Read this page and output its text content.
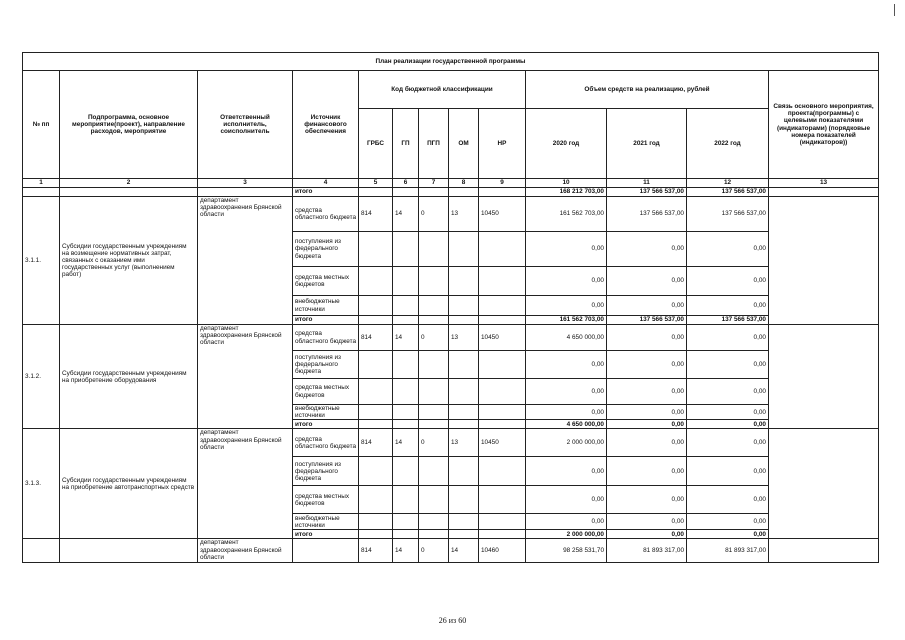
План реализации государственной программы												
№ пп	Подпрограмма, основное мероприятие(проект), направление расходов, мероприятие	Ответственный исполнитель, соисполнитель	Источник финансового обеспечения	Код бюджетной классификации					Объем средств на реализацию, рублей			Связь основного мероприятия, проекта(программы) с целевыми показателями (индикаторами) (порядковые номера показателей (индикаторов))
				ГРБС	ГП	ПГП	ОМ	НР	2020 год	2021 год	2022 год	
1	2	3	4	5	6	7	8	9	10	11	12	13
			итого						168 212 703,00	137 566 537,00	137 566 537,00	
3.1.1.	Субсидии государственным учреждениям на возмещение нормативных затрат, связанных с оказанием ими государственных услуг (выполнением работ)	департамент здравоохранения Брянской области	средства областного бюджета	814	14	0	13	10450	161 562 703,00	137 566 537,00	137 566 537,00	
			поступления из федерального бюджета						0,00	0,00	0,00	
			средства местных бюджетов						0,00	0,00	0,00	
			внебюджетные источники						0,00	0,00	0,00	
			итого						161 562 703,00	137 566 537,00	137 566 537,00	
3.1.2.	Субсидии государственным учреждениям на приобретение оборудования	департамент здравоохранения Брянской области	средства областного бюджета	814	14	0	13	10450	4 650 000,00	0,00	0,00	
			поступления из федерального бюджета						0,00	0,00	0,00	
			средства местных бюджетов						0,00	0,00	0,00	
			внебюджетные источники						0,00	0,00	0,00	
			итого						4 650 000,00	0,00	0,00	
3.1.3.	Субсидии государственным учреждениям на приобретение автотранспортных средств	департамент здравоохранения Брянской области	средства областного бюджета	814	14	0	13	10450	2 000 000,00	0,00	0,00	
			поступления из федерального бюджета						0,00	0,00	0,00	
			средства местных бюджетов						0,00	0,00	0,00	
			внебюджетные источники						0,00	0,00	0,00	
			итого						2 000 000,00	0,00	0,00	
		департамент здравоохранения Брянской области		814	14	0	14	10460	98 258 531,70	81 893 317,00	81 893 317,00	
26 из 60
